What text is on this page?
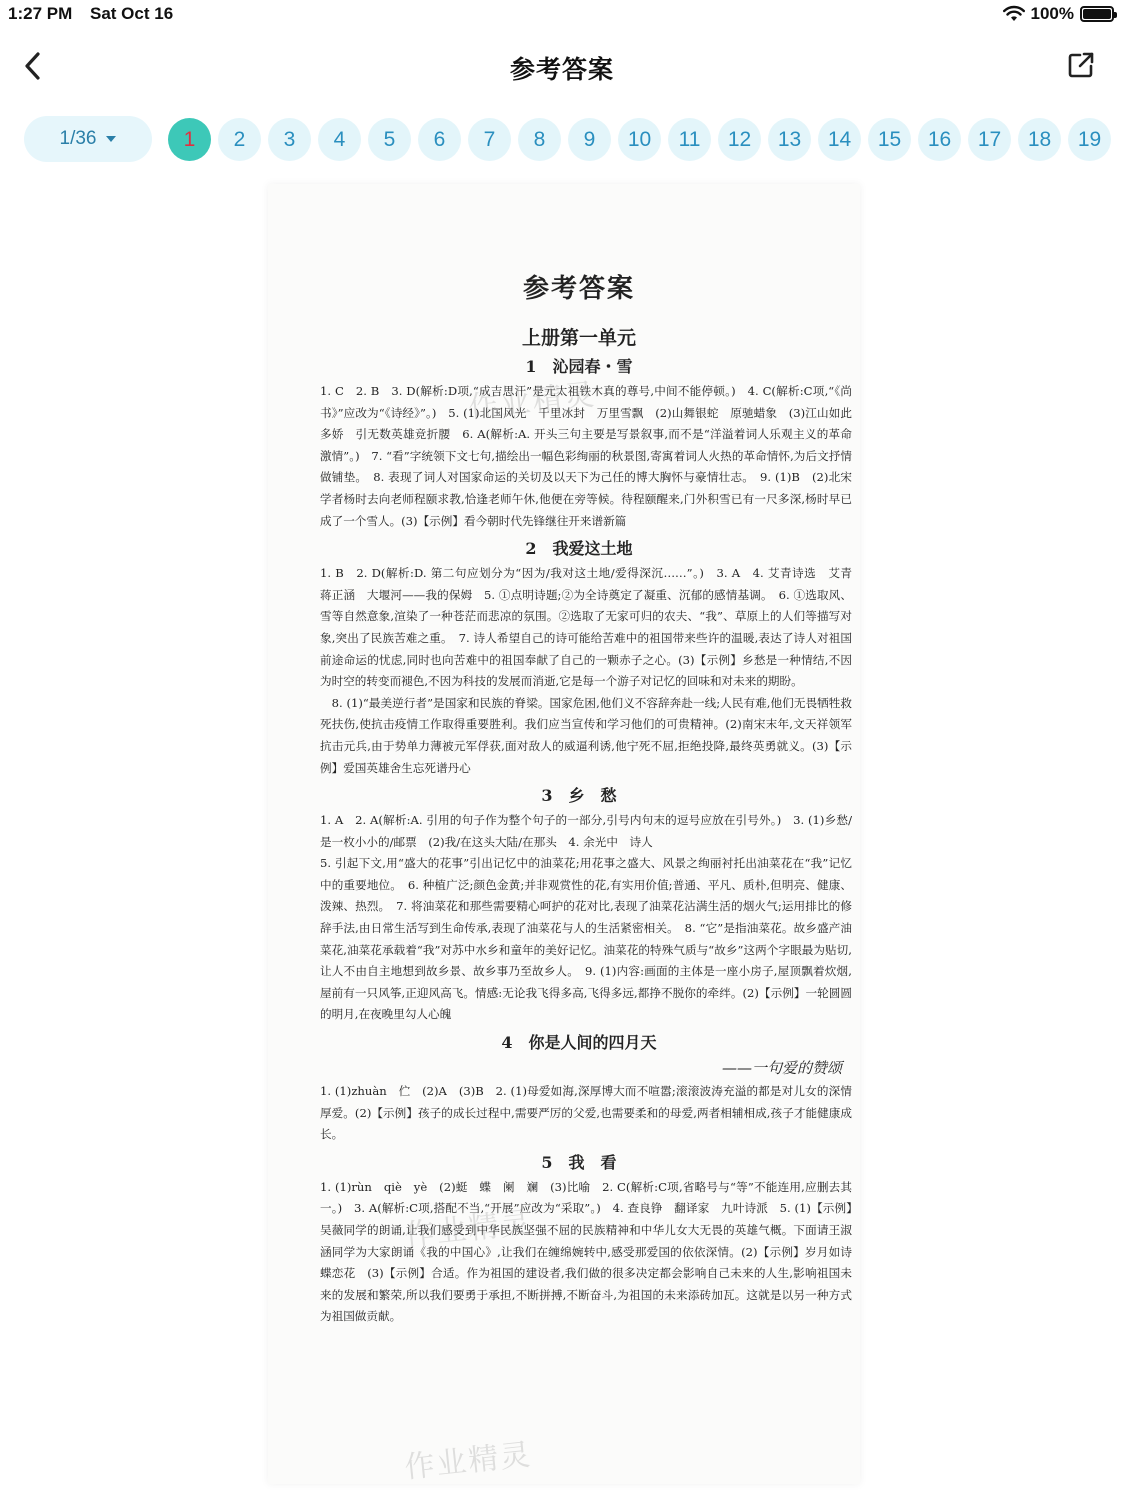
1:27 PM Sat Oct 16	100%
参考答案
1/36	1	2	3	4	5	6	7	8	9	10	11	12	13	14	15	16	17	18	19
参考答案
上册第一单元
1　沁园春・雪
1. C　2. B　3. D(解析:D项,“成吉思汗”是元太祖铁木真的尊号,中间不能停顿。)　4. C(解析:C项,“《尚书》”应改为“《诗经》”。)　5. (1)北国风光　千里冰封　万里雪飘　(2)山舞银蛇　原驰蜡象　(3)江山如此多娇　引无数英雄竞折腰　6. A(解析:A. 开头三句主要是写景叙事,而不是“洋溢着词人乐观主义的革命激情”。)　7. “看”字统领下文七句,描绘出一幅色彩绚丽的秋景图,寄寓着词人火热的革命情怀,为后文抒情做铺垫。　8. 表现了词人对国家命运的关切及以天下为己任的博大胸怀与豪情壮志。　9. (1)B　(2)北宋学者杨时去向老师程颐求教,恰逢老师午休,他便在旁等候。待程颐醒来,门外积雪已有一尺多深,杨时早已成了一个雪人。(3)【示例】看今朝时代先锋继往开来谱新篇
2　我爱这土地
1. B　2. D(解析:D. 第二句应划分为“因为/我对这土地/爱得深沉……”。)　3. A　4. 艾青诗选　艾青　蒋正涵　大堰河——我的保姆　5. ①点明诗题;②为全诗奠定了凝重、沉郁的感情基调。　6. ①选取风、雪等自然意象,渲染了一种苍茫而悲凉的氛围。②选取了无家可归的农夫、“我”、草原上的人们等描写对象,突出了民族苦难之重。　7. 诗人希望自己的诗可能给苦难中的祖国带来些许的温暖,表达了诗人对祖国前途命运的忧虑,同时也向苦难中的祖国奉献了自己的一颗赤子之心。(3)【示例】乡愁是一种情结,不因为时空的转变而褪色,不因为科技的发展而消逝,它是每一个游子对记忆的回味和对未来的期盼。
　8. (1)“最美逆行者”是国家和民族的脊梁。国家危困,他们义不容辞奔赴一线;人民有难,他们无畏牺牲救死扶伤,使抗击疫情工作取得重要胜利。我们应当宣传和学习他们的可贵精神。(2)南宋末年,文天祥领军抗击元兵,由于势单力薄被元军俘获,面对敌人的威逼利诱,他宁死不屈,拒绝投降,最终英勇就义。(3)【示例】爱国英雄舍生忘死谱丹心
3　乡　愁
1. A　2. A(解析:A. 引用的句子作为整个句子的一部分,引号内句末的逗号应放在引号外。)　3. (1)乡愁/是一枚小小的/邮票　(2)我/在这头大陆/在那头　4. 余光中　诗人
5. 引起下文,用“盛大的花事”引出记忆中的油菜花;用花事之盛大、风景之绚丽衬托出油菜花在“我”记忆中的重要地位。　6. 种植广泛;颜色金黄;并非观赏性的花,有实用价值;普通、平凡、质朴,但明亮、健康、泼辣、热烈。　7. 将油菜花和那些需要精心呵护的花对比,表现了油菜花沾满生活的烟火气;运用排比的修辞手法,由日常生活写到生命传承,表现了油菜花与人的生活紧密相关。　8. “它”是指油菜花。故乡盛产油菜花,油菜花承载着“我”对苏中水乡和童年的美好记忆。油菜花的特殊气质与“故乡”这两个字眼最为贴切,让人不由自主地想到故乡景、故乡事乃至故乡人。　9. (1)内容:画面的主体是一座小房子,屋顶飘着炊烟,屋前有一只风筝,正迎风高飞。情感:无论我飞得多高,飞得多远,都挣不脱你的牵绊。(2)【示例】一轮圆圆的明月,在夜晚里勾人心魄
4　你是人间的四月天
——一句爱的赞颂
1. (1)zhuàn　伫　(2)A　(3)B　2. (1)母爱如海,深厚博大而不喧嚣;滚滚波涛充溢的都是对儿女的深情厚爱。(2)【示例】孩子的成长过程中,需要严厉的父爱,也需要柔和的母爱,两者相辅相成,孩子才能健康成长。
5　我　看
1. (1)rùn　qiè　yè　(2)蜓　蝶　阑　斓　(3)比喻　2. C(解析:C项,省略号与“等”不能连用,应删去其一。)　3. A(解析:C项,搭配不当,“开展”应改为“采取”。)　4. 查良铮　翻译家　九叶诗派　5. (1)【示例】吴薇同学的朗诵,让我们感受到中华民族坚强不屈的民族精神和中华儿女大无畏的英雄气概。下面请王淑涵同学为大家朗诵《我的中国心》,让我们在缠绵婉转中,感受那爱国的依依深情。(2)【示例】岁月如诗蝶恋花　(3)【示例】合适。作为祖国的建设者,我们做的很多决定都会影响自己未来的人生,影响祖国未来的发展和繁荣,所以我们要勇于承担,不断拼搏,不断奋斗,为祖国的未来添砖加瓦。这就是以另一种方式为祖国做贡献。
作业精灵
作业精灵
作业精灵
